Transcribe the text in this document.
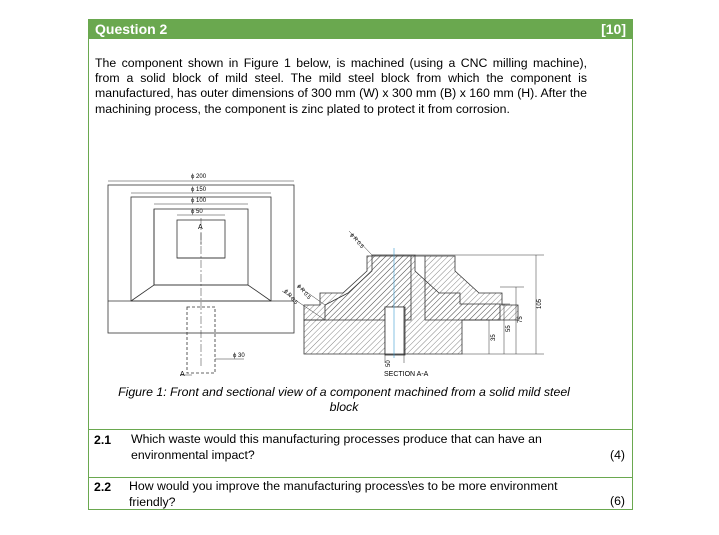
Question 2	[10]

The component shown in Figure 1 below, is machined (using a CNC milling machine), from a solid block of mild steel. The mild steel block from which the component is manufactured, has outer dimensions of 300 mm (W) x 300 mm (B) x 160 mm (H). After the machining process, the component is zinc plated to protect it from corrosion.

ϕ 200
ϕ 150
ϕ 100
ϕ 50
ϕ 30
A
A
ϕ R 0.5
ϕ R 0.5
ϕ R 0.5	105
75
55
35
50
SECTION A-A
Figure 1: Front and sectional view of a component machined from a solid mild steel block
2.1 Which waste would this manufacturing processes produce that can have an environmental impact?	(4)
2.2 How would you improve the manufacturing process\es to be more environment friendly?	(6)
